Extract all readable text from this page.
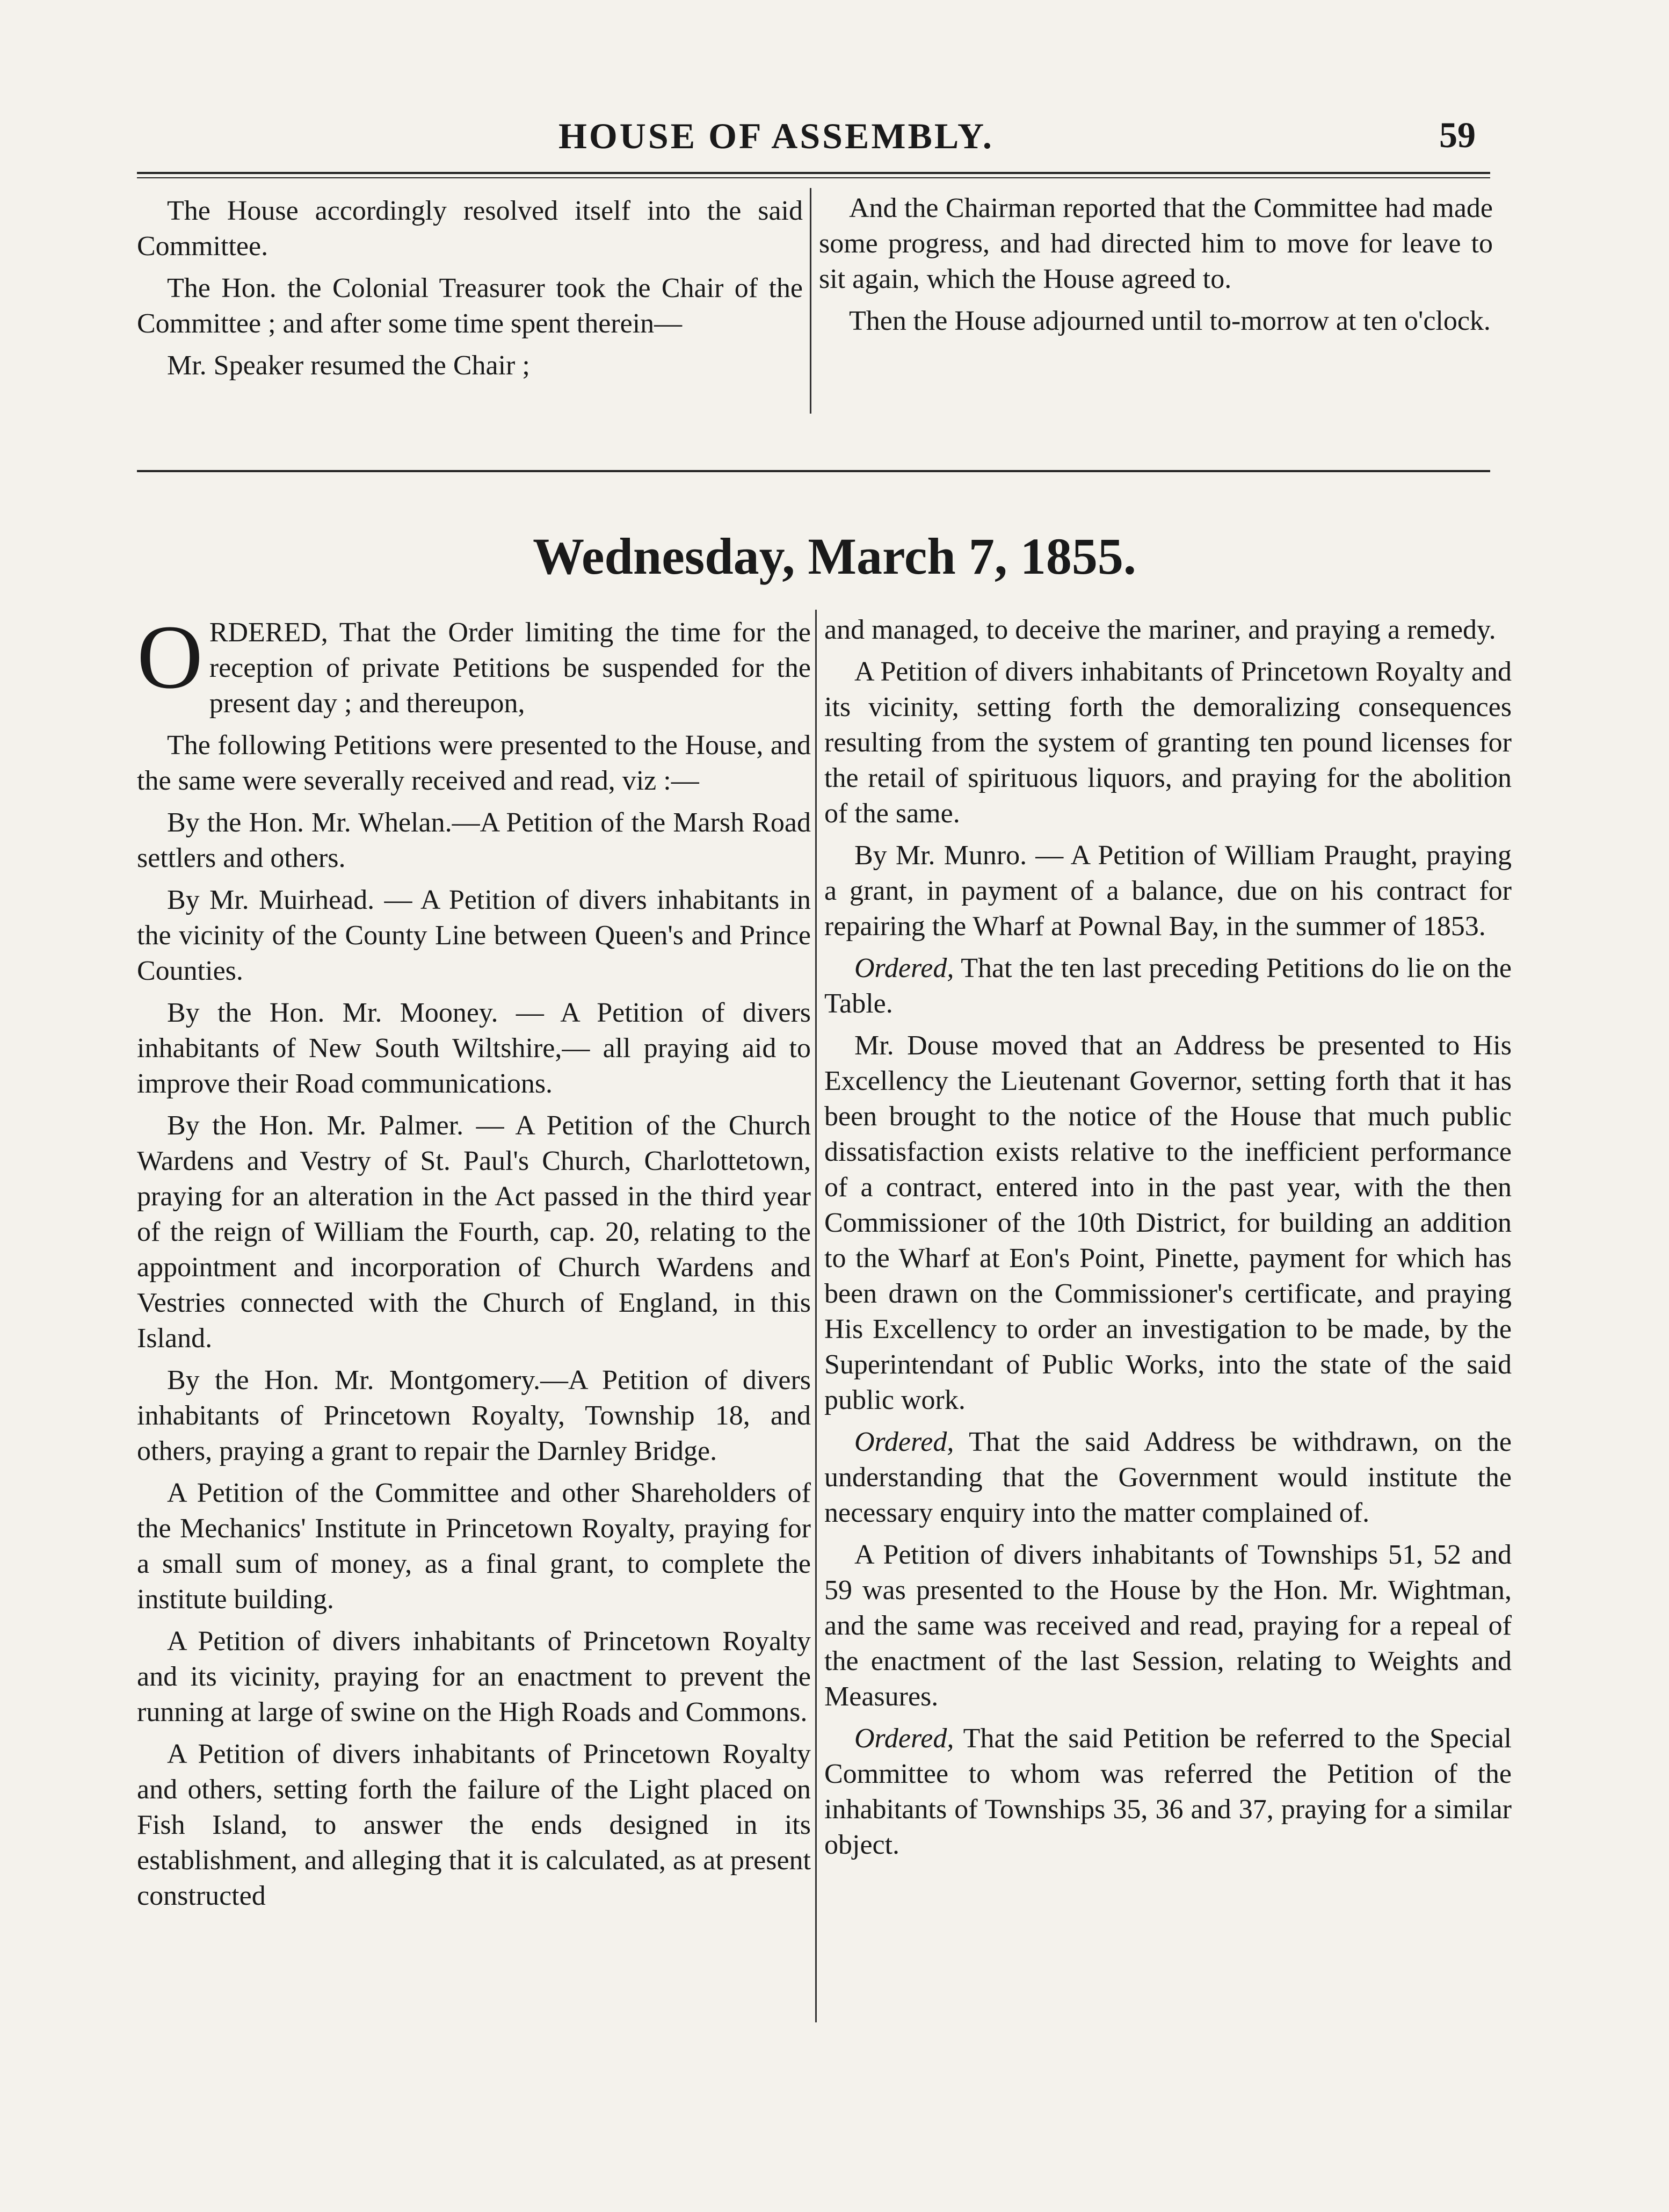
HOUSE OF ASSEMBLY.	59

The House accordingly resolved itself into the said Committee.

The Hon. the Colonial Treasurer took the Chair of the Committee ; and after some time spent therein—

Mr. Speaker resumed the Chair ;

And the Chairman reported that the Committee had made some progress, and had directed him to move for leave to sit again, which the House agreed to.

Then the House adjourned until to-morrow at ten o'clock.

Wednesday, March 7, 1855.

ORDERED, That the Order limiting the time for the reception of private Petitions be suspended for the present day ; and thereupon,

The following Petitions were presented to the House, and the same were severally received and read, viz :—

By the Hon. Mr. Whelan.—A Petition of the Marsh Road settlers and others.

By Mr. Muirhead. — A Petition of divers inhabitants in the vicinity of the County Line between Queen's and Prince Counties.

By the Hon. Mr. Mooney. — A Petition of divers inhabitants of New South Wiltshire,— all praying aid to improve their Road communications.

By the Hon. Mr. Palmer. — A Petition of the Church Wardens and Vestry of St. Paul's Church, Charlottetown, praying for an alteration in the Act passed in the third year of the reign of William the Fourth, cap. 20, relating to the appointment and incorporation of Church Wardens and Vestries connected with the Church of England, in this Island.

By the Hon. Mr. Montgomery.—A Petition of divers inhabitants of Princetown Royalty, Township 18, and others, praying a grant to repair the Darnley Bridge.

A Petition of the Committee and other Shareholders of the Mechanics' Institute in Princetown Royalty, praying for a small sum of money, as a final grant, to complete the institute building.

A Petition of divers inhabitants of Princetown Royalty and its vicinity, praying for an enactment to prevent the running at large of swine on the High Roads and Commons.

A Petition of divers inhabitants of Princetown Royalty and others, setting forth the failure of the Light placed on Fish Island, to answer the ends designed in its establishment, and alleging that it is calculated, as at present constructed

and managed, to deceive the mariner, and praying a remedy.

A Petition of divers inhabitants of Princetown Royalty and its vicinity, setting forth the demoralizing consequences resulting from the system of granting ten pound licenses for the retail of spirituous liquors, and praying for the abolition of the same.

By Mr. Munro. — A Petition of William Praught, praying a grant, in payment of a balance, due on his contract for repairing the Wharf at Pownal Bay, in the summer of 1853.

Ordered, That the ten last preceding Petitions do lie on the Table.

Mr. Douse moved that an Address be presented to His Excellency the Lieutenant Governor, setting forth that it has been brought to the notice of the House that much public dissatisfaction exists relative to the inefficient performance of a contract, entered into in the past year, with the then Commissioner of the 10th District, for building an addition to the Wharf at Eon's Point, Pinette, payment for which has been drawn on the Commissioner's certificate, and praying His Excellency to order an investigation to be made, by the Superintendant of Public Works, into the state of the said public work.

Ordered, That the said Address be withdrawn, on the understanding that the Government would institute the necessary enquiry into the matter complained of.

A Petition of divers inhabitants of Townships 51, 52 and 59 was presented to the House by the Hon. Mr. Wightman, and the same was received and read, praying for a repeal of the enactment of the last Session, relating to Weights and Measures.

Ordered, That the said Petition be referred to the Special Committee to whom was referred the Petition of the inhabitants of Townships 35, 36 and 37, praying for a similar object.
